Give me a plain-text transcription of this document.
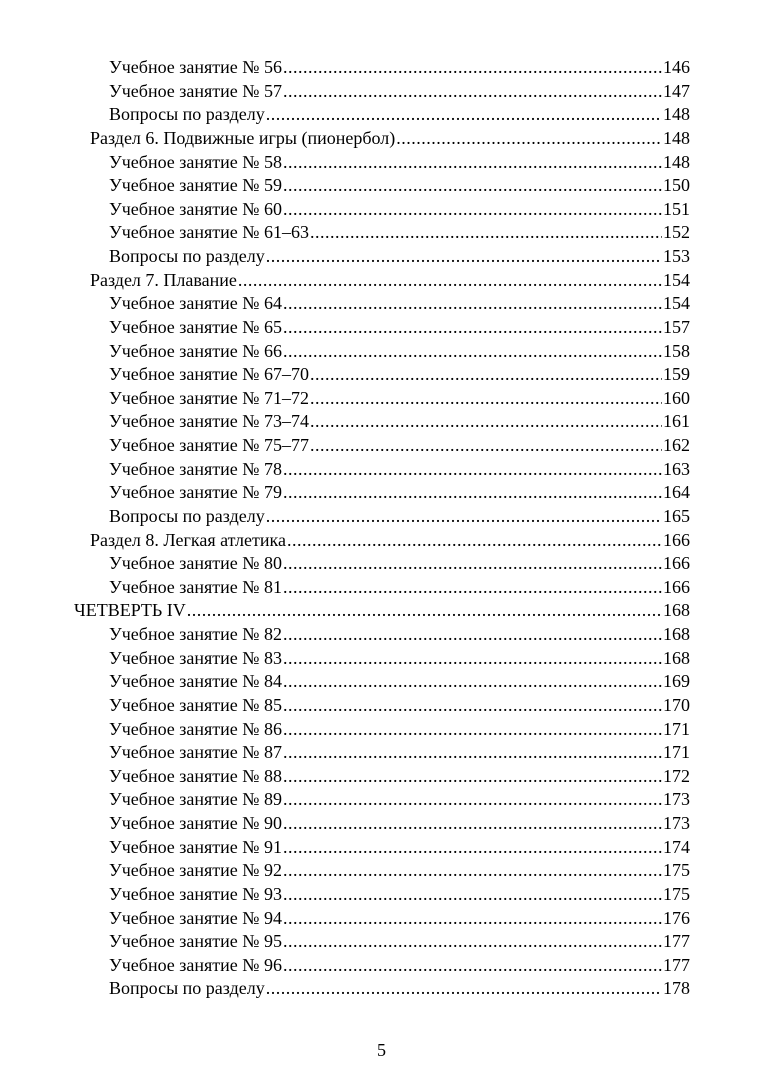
Учебное занятие № 56 .....	146
Учебное занятие № 57 .....	147
Вопросы по разделу .....	148
Раздел 6. Подвижные игры (пионербол) .....	148
Учебное занятие № 58 .....	148
Учебное занятие № 59 .....	150
Учебное занятие № 60 .....	151
Учебное занятие № 61–63 .....	152
Вопросы по разделу .....	153
Раздел 7. Плавание .....	154
Учебное занятие № 64 .....	154
Учебное занятие № 65 .....	157
Учебное занятие № 66 .....	158
Учебное занятие № 67–70 .....	159
Учебное занятие № 71–72 .....	160
Учебное занятие № 73–74 .....	161
Учебное занятие № 75–77 .....	162
Учебное занятие № 78 .....	163
Учебное занятие № 79 .....	164
Вопросы по разделу .....	165
Раздел 8. Легкая атлетика .....	166
Учебное занятие № 80 .....	166
Учебное занятие № 81 .....	166
ЧЕТВЕРТЬ IV .....	168
Учебное занятие № 82 .....	168
Учебное занятие № 83 .....	168
Учебное занятие № 84 .....	169
Учебное занятие № 85 .....	170
Учебное занятие № 86 .....	171
Учебное занятие № 87 .....	171
Учебное занятие № 88 .....	172
Учебное занятие № 89 .....	173
Учебное занятие № 90 .....	173
Учебное занятие № 91 .....	174
Учебное занятие № 92 .....	175
Учебное занятие № 93 .....	175
Учебное занятие № 94 .....	176
Учебное занятие № 95 .....	177
Учебное занятие № 96 .....	177
Вопросы по разделу .....	178
5
